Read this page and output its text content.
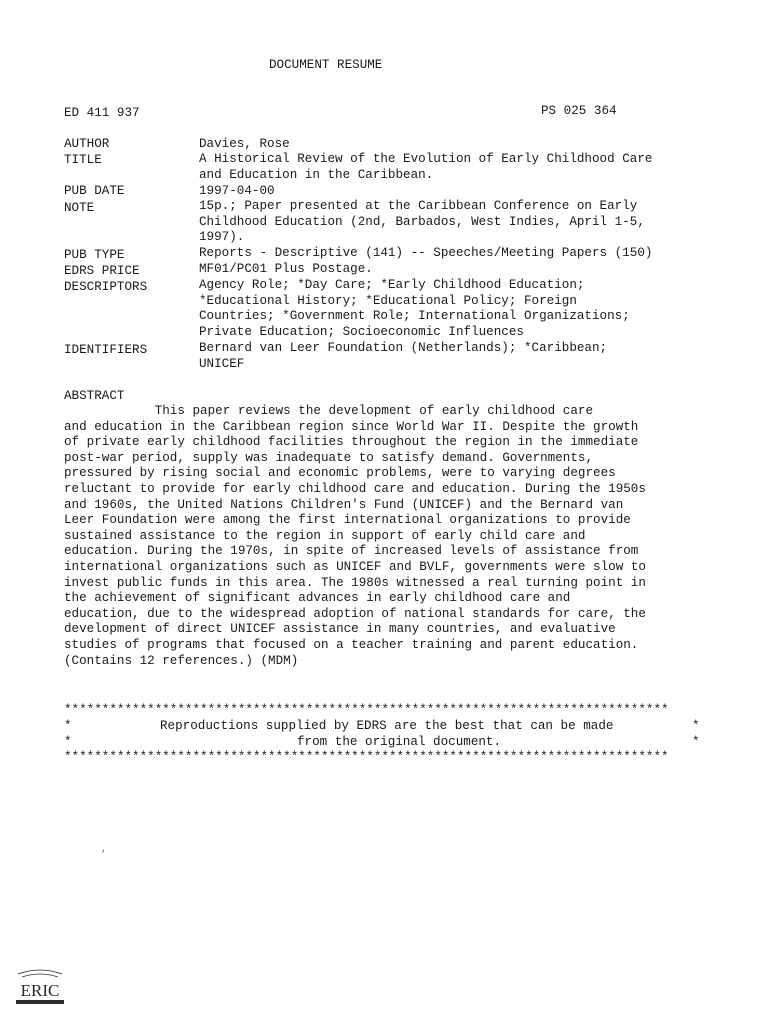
DOCUMENT RESUME
ED 411 937	PS 025 364
AUTHOR	Davies, Rose
TITLE	A Historical Review of the Evolution of Early Childhood Care
and Education in the Caribbean.
PUB DATE	1997-04-00
NOTE	15p.; Paper presented at the Caribbean Conference on Early
Childhood Education (2nd, Barbados, West Indies, April 1-5,
1997).
PUB TYPE	Reports - Descriptive (141) -- Speeches/Meeting Papers (150)
EDRS PRICE	MF01/PC01 Plus Postage.
DESCRIPTORS	Agency Role; *Day Care; *Early Childhood Education;
*Educational History; *Educational Policy; Foreign
Countries; *Government Role; International Organizations;
Private Education; Socioeconomic Influences
IDENTIFIERS	Bernard van Leer Foundation (Netherlands); *Caribbean;
UNICEF
ABSTRACT
This paper reviews the development of early childhood care
and education in the Caribbean region since World War II. Despite the growth
of private early childhood facilities throughout the region in the immediate
post-war period, supply was inadequate to satisfy demand. Governments,
pressured by rising social and economic problems, were to varying degrees
reluctant to provide for early childhood care and education. During the 1950s
and 1960s, the United Nations Children's Fund (UNICEF) and the Bernard van
Leer Foundation were among the first international organizations to provide
sustained assistance to the region in support of early child care and
education. During the 1970s, in spite of increased levels of assistance from
international organizations such as UNICEF and BVLF, governments were slow to
invest public funds in this area. The 1980s witnessed a real turning point in
the achievement of significant advances in early childhood care and
education, due to the widespread adoption of national standards for care, the
development of direct UNICEF assistance in many countries, and evaluative
studies of programs that focused on a teacher training and parent education.
(Contains 12 references.) (MDM)
********************************************************************************
*	Reproductions supplied by EDRS are the best that can be made	*
*	from the original document.	*
********************************************************************************
,
ERIC
